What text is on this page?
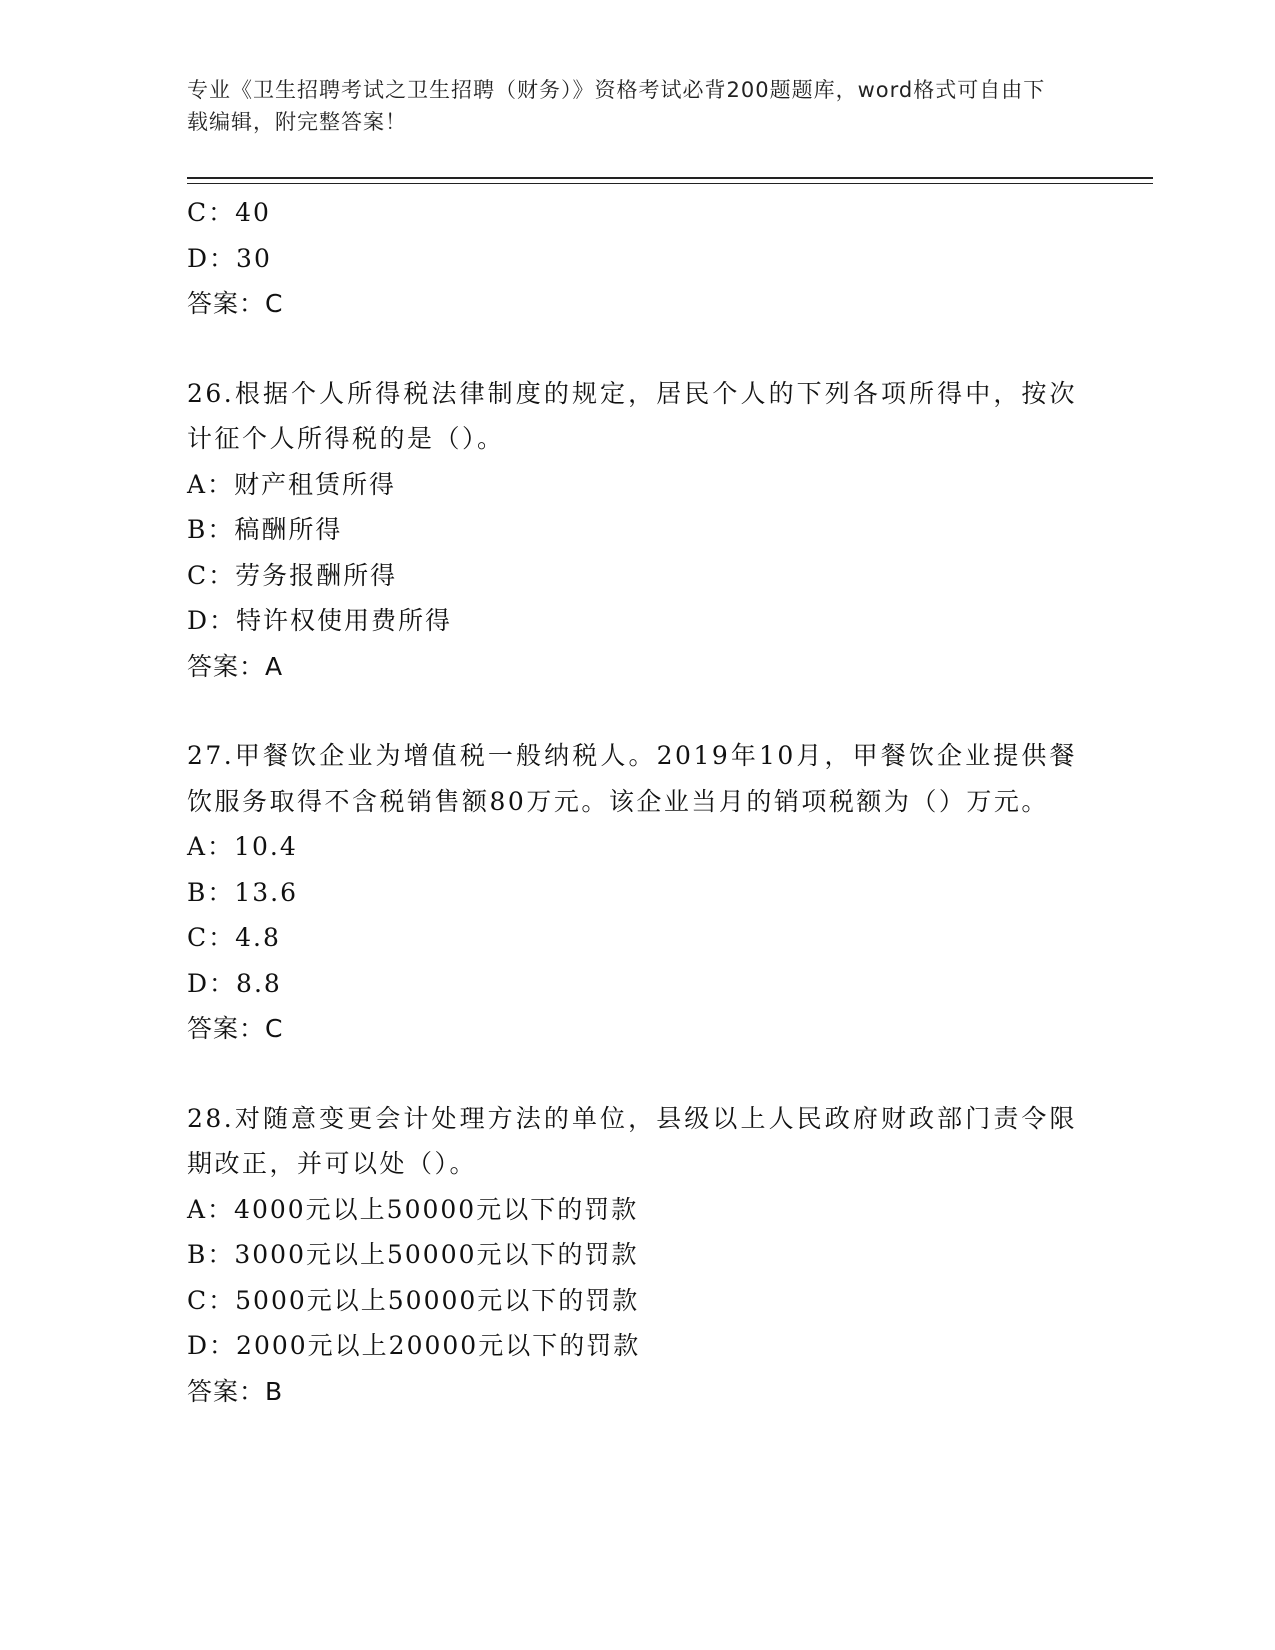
专业《卫生招聘考试之卫生招聘（财务）》资格考试必背200题题库，word格式可自由下载编辑，附完整答案！
C：40
D：30
答案：C
26.根据个人所得税法律制度的规定，居民个人的下列各项所得中，按次计征个人所得税的是（）。
A：财产租赁所得
B：稿酬所得
C：劳务报酬所得
D：特许权使用费所得
答案：A
27.甲餐饮企业为增值税一般纳税人。2019年10月，甲餐饮企业提供餐饮服务取得不含税销售额80万元。该企业当月的销项税额为（）万元。
A：10.4
B：13.6
C：4.8
D：8.8
答案：C
28.对随意变更会计处理方法的单位，县级以上人民政府财政部门责令限期改正，并可以处（）。
A：4000元以上50000元以下的罚款
B：3000元以上50000元以下的罚款
C：5000元以上50000元以下的罚款
D：2000元以上20000元以下的罚款
答案：B
